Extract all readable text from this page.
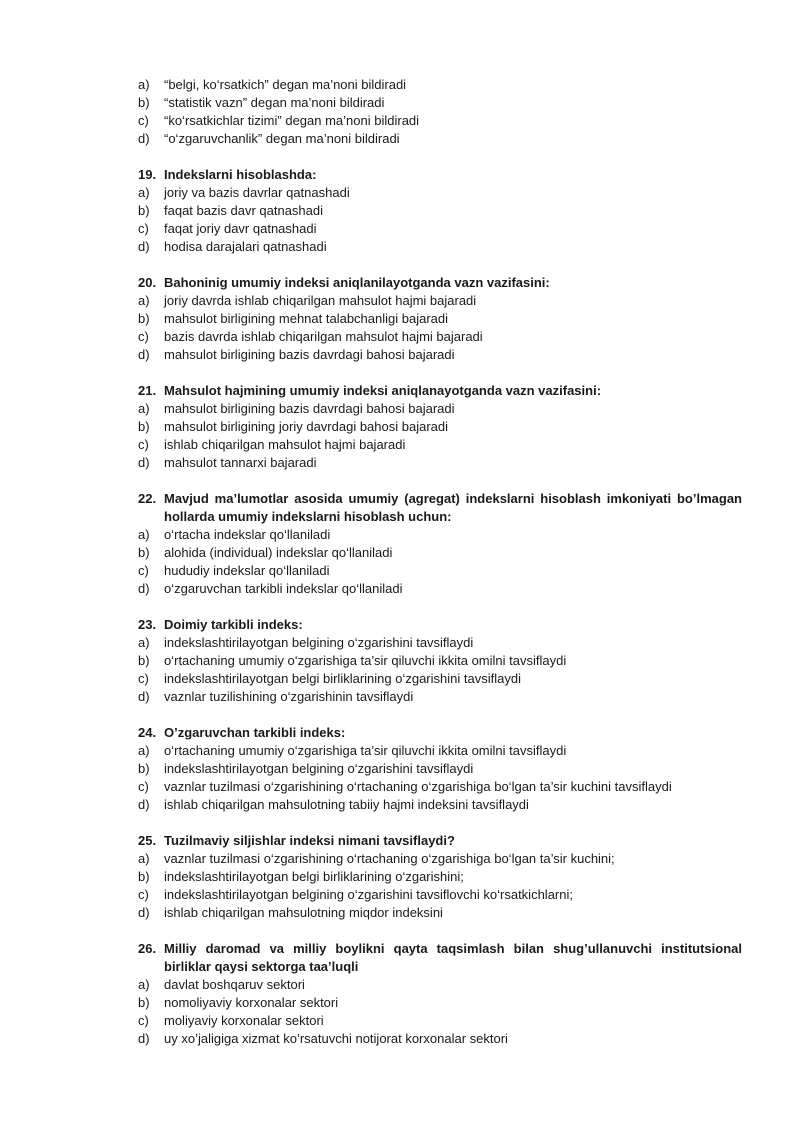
a) “belgi, ko‘rsatkich” degan ma’noni bildiradi
b) “statistik vazn” degan ma’noni bildiradi
c) “ko‘rsatkichlar tizimi” degan ma’noni bildiradi
d) “o‘zgaruvchanlik” degan ma’noni bildiradi
19. Indekslarni hisoblashda:
a) joriy va bazis davrlar qatnashadi
b) faqat bazis davr qatnashadi
c) faqat joriy davr qatnashadi
d) hodisa darajalari qatnashadi
20. Bahoninig umumiy indeksi aniqlanilayotganda vazn vazifasini:
a) joriy davrda ishlab chiqarilgan mahsulot hajmi bajaradi
b) mahsulot birligining mehnat talabchanligi bajaradi
c) bazis davrda ishlab chiqarilgan mahsulot hajmi bajaradi
d) mahsulot birligining bazis davrdagi bahosi bajaradi
21. Mahsulot hajmining umumiy indeksi aniqlanayotganda vazn vazifasini:
a) mahsulot birligining bazis davrdagi bahosi bajaradi
b) mahsulot birligining joriy davrdagi bahosi bajaradi
c) ishlab chiqarilgan mahsulot hajmi bajaradi
d) mahsulot tannarxi bajaradi
22. Mavjud ma’lumotlar asosida umumiy (agregat) indekslarni hisoblash imkoniyati bo’lmagan hollarda umumiy indekslarni hisoblash uchun:
a) o‘rtacha indekslar qo‘llaniladi
b) alohida (individual) indekslar qo‘llaniladi
c) hududiy indekslar qo‘llaniladi
d) o‘zgaruvchan tarkibli indekslar qo‘llaniladi
23. Doimiy tarkibli indeks:
a) indekslashtirilayotgan belgining o‘zgarishini tavsiflaydi
b) o‘rtachaning umumiy o‘zgarishiga ta’sir qiluvchi ikkita omilni tavsiflaydi
c) indekslashtirilayotgan belgi birliklarining o‘zgarishini tavsiflaydi
d) vaznlar tuzilishining o‘zgarishinin tavsiflaydi
24. O’zgaruvchan tarkibli indeks:
a) o‘rtachaning umumiy o‘zgarishiga ta’sir qiluvchi ikkita omilni tavsiflaydi
b) indekslashtirilayotgan belgining o‘zgarishini tavsiflaydi
c) vaznlar tuzilmasi o‘zgarishining o‘rtachaning o‘zgarishiga bo‘lgan ta’sir kuchini tavsiflaydi
d) ishlab chiqarilgan mahsulotning tabiiy hajmi indeksini tavsiflaydi
25. Tuzilmaviy siljishlar indeksi nimani tavsiflaydi?
a) vaznlar tuzilmasi o‘zgarishining o‘rtachaning o‘zgarishiga bo‘lgan ta’sir kuchini;
b) indekslashtirilayotgan belgi birliklarining o‘zgarishini;
c) indekslashtirilayotgan belgining o‘zgarishini tavsiflovchi ko‘rsatkichlarni;
d) ishlab chiqarilgan mahsulotning miqdor indeksini
26. Milliy daromad va milliy boylikni qayta taqsimlash bilan shug’ullanuvchi institutsional birliklar qaysi sektorga taa’luqli
a) davlat boshqaruv sektori
b) nomoliyaviy korxonalar sektori
c) moliyaviy korxonalar sektori
d) uy xo’jaligiga xizmat ko’rsatuvchi notijorat korxonalar sektori
